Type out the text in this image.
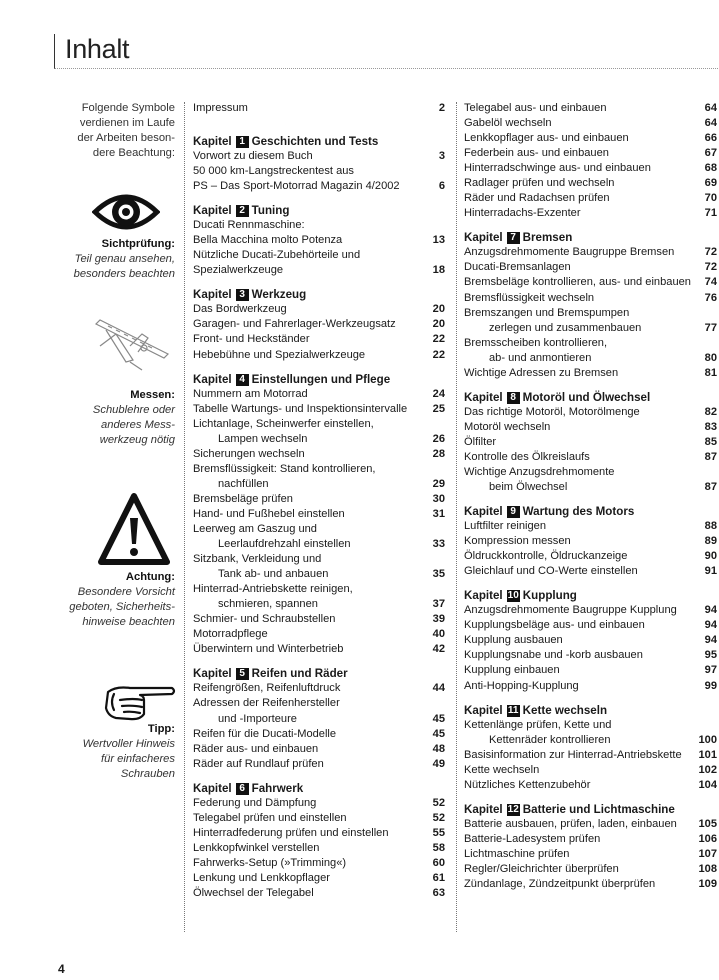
Inhalt
Folgende Symbole
verdienen im Laufe
der Arbeiten beson-
dere Beachtung:
Sichtprüfung:
Teil genau ansehen,
besonders beachten
Messen:
Schublehre oder
anderes Mess-
werkzeug nötig
Achtung:
Besondere Vorsicht
geboten, Sicherheits-
hinweise beachten
Tipp:
Wertvoller Hinweis
für einfacheres
Schrauben
Impressum	2
Kapitel 1 Geschichten und Tests
Vorwort zu diesem Buch	3
50 000 km-Langstreckentest aus
PS – Das Sport-Motorrad Magazin 4/2002	6
Kapitel 2 Tuning
Ducati Rennmaschine:
Bella Macchina molto Potenza	13
Nützliche Ducati-Zubehörteile und
Spezialwerkzeuge	18
Kapitel 3 Werkzeug
Das Bordwerkzeug	20
Garagen- und Fahrerlager-Werkzeugsatz	20
Front- und Heckständer	22
Hebebühne und Spezialwerkzeuge	22
Kapitel 4 Einstellungen und Pflege
Nummern am Motorrad	24
Tabelle Wartungs- und Inspektionsintervalle	25
Lichtanlage, Scheinwerfer einstellen,
Lampen wechseln	26
Sicherungen wechseln	28
Bremsflüssigkeit: Stand kontrollieren,
nachfüllen	29
Bremsbeläge prüfen	30
Hand- und Fußhebel einstellen	31
Leerweg am Gaszug und
Leerlaufdrehzahl einstellen	33
Sitzbank, Verkleidung und
Tank ab- und anbauen	35
Hinterrad-Antriebskette reinigen,
schmieren, spannen	37
Schmier- und Schraubstellen	39
Motorradpflege	40
Überwintern und Winterbetrieb	42
Kapitel 5 Reifen und Räder
Reifengrößen, Reifenluftdruck	44
Adressen der Reifenhersteller
und -Importeure	45
Reifen für die Ducati-Modelle	45
Räder aus- und einbauen	48
Räder auf Rundlauf prüfen	49
Kapitel 6 Fahrwerk
Federung und Dämpfung	52
Telegabel prüfen und einstellen	52
Hinterradfederung prüfen und einstellen	55
Lenkkopfwinkel verstellen	58
Fahrwerks-Setup (»Trimming«)	60
Lenkung und Lenkkopflager	61
Ölwechsel der Telegabel	63
Telegabel aus- und einbauen	64
Gabelöl wechseln	64
Lenkkopflager aus- und einbauen	66
Federbein aus- und einbauen	67
Hinterradschwinge aus- und einbauen	68
Radlager prüfen und wechseln	69
Räder und Radachsen prüfen	70
Hinterradachs-Exzenter	71
Kapitel 7 Bremsen
Anzugsdrehmomente Baugruppe Bremsen	72
Ducati-Bremsanlagen	72
Bremsbeläge kontrollieren, aus- und einbauen	74
Bremsflüssigkeit wechseln	76
Bremszangen und Bremspumpen
zerlegen und zusammenbauen	77
Bremsscheiben kontrollieren,
ab- und anmontieren	80
Wichtige Adressen zu Bremsen	81
Kapitel 8 Motoröl und Ölwechsel
Das richtige Motoröl, Motorölmenge	82
Motoröl wechseln	83
Ölfilter	85
Kontrolle des Ölkreislaufs	87
Wichtige Anzugsdrehmomente
beim Ölwechsel	87
Kapitel 9 Wartung des Motors
Luftfilter reinigen	88
Kompression messen	89
Öldruckkontrolle, Öldruckanzeige	90
Gleichlauf und CO-Werte einstellen	91
Kapitel 10 Kupplung
Anzugsdrehmomente Baugruppe Kupplung	94
Kupplungsbeläge aus- und einbauen	94
Kupplung ausbauen	94
Kupplungsnabe und -korb ausbauen	95
Kupplung einbauen	97
Anti-Hopping-Kupplung	99
Kapitel 11 Kette wechseln
Kettenlänge prüfen, Kette und
Kettenräder kontrollieren	100
Basisinformation zur Hinterrad-Antriebskette	101
Kette wechseln	102
Nützliches Kettenzubehör	104
Kapitel 12 Batterie und Lichtmaschine
Batterie ausbauen, prüfen, laden, einbauen	105
Batterie-Ladesystem prüfen	106
Lichtmaschine prüfen	107
Regler/Gleichrichter überprüfen	108
Zündanlage, Zündzeitpunkt überprüfen	109
4
